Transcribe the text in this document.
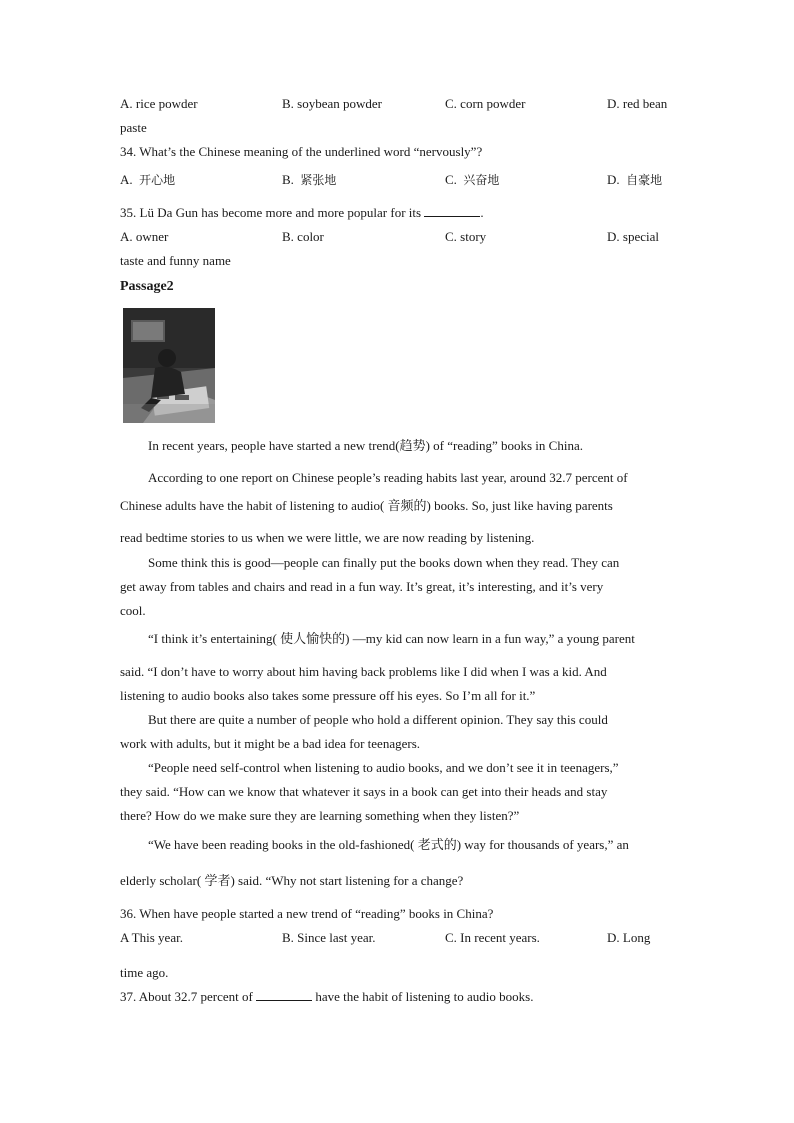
A. rice powder	B. soybean powder	C. corn powder	D. red bean
paste
34. What’s the Chinese meaning of the underlined word “nervously”?
A. 开心地	B. 紧张地	C. 兴奋地	D. 自豪地
35. Lü Da Gun has become more and more popular for its	.
A. owner	B. color	C. story	D. special
taste and funny name
Passage2
In recent years, people have started a new trend(趋势) of “reading” books in China.
According to one report on Chinese people’s reading habits last year, around 32.7 percent of
Chinese adults have the habit of listening to audio( 音频的) books. So, just like having parents
read bedtime stories to us when we were little, we are now reading by listening.
Some think this is good—people can finally put the books down when they read. They can
get away from tables and chairs and read in a fun way. It’s great, it’s interesting, and it’s very
cool.
“I think it’s entertaining( 使人愉快的) —my kid can now learn in a fun way,” a young parent
said. “I don’t have to worry about him having back problems like I did when I was a kid. And
listening to audio books also takes some pressure off his eyes. So I’m all for it.”
But there are quite a number of people who hold a different opinion. They say this could
work with adults, but it might be a bad idea for teenagers.
“People need self-control when listening to audio books, and we don’t see it in teenagers,”
they said. “How can we know that whatever it says in a book can get into their heads and stay
there? How do we make sure they are learning something when they listen?”
“We have been reading books in the old-fashioned( 老式的) way for thousands of years,” an
elderly scholar( 学者) said. “Why not start listening for a change?
36. When have people started a new trend of “reading” books in China?
A This year.	B. Since last year.	C. In recent years.	D. Long
time ago.
37. About 32.7 percent of	have the habit of listening to audio books.
